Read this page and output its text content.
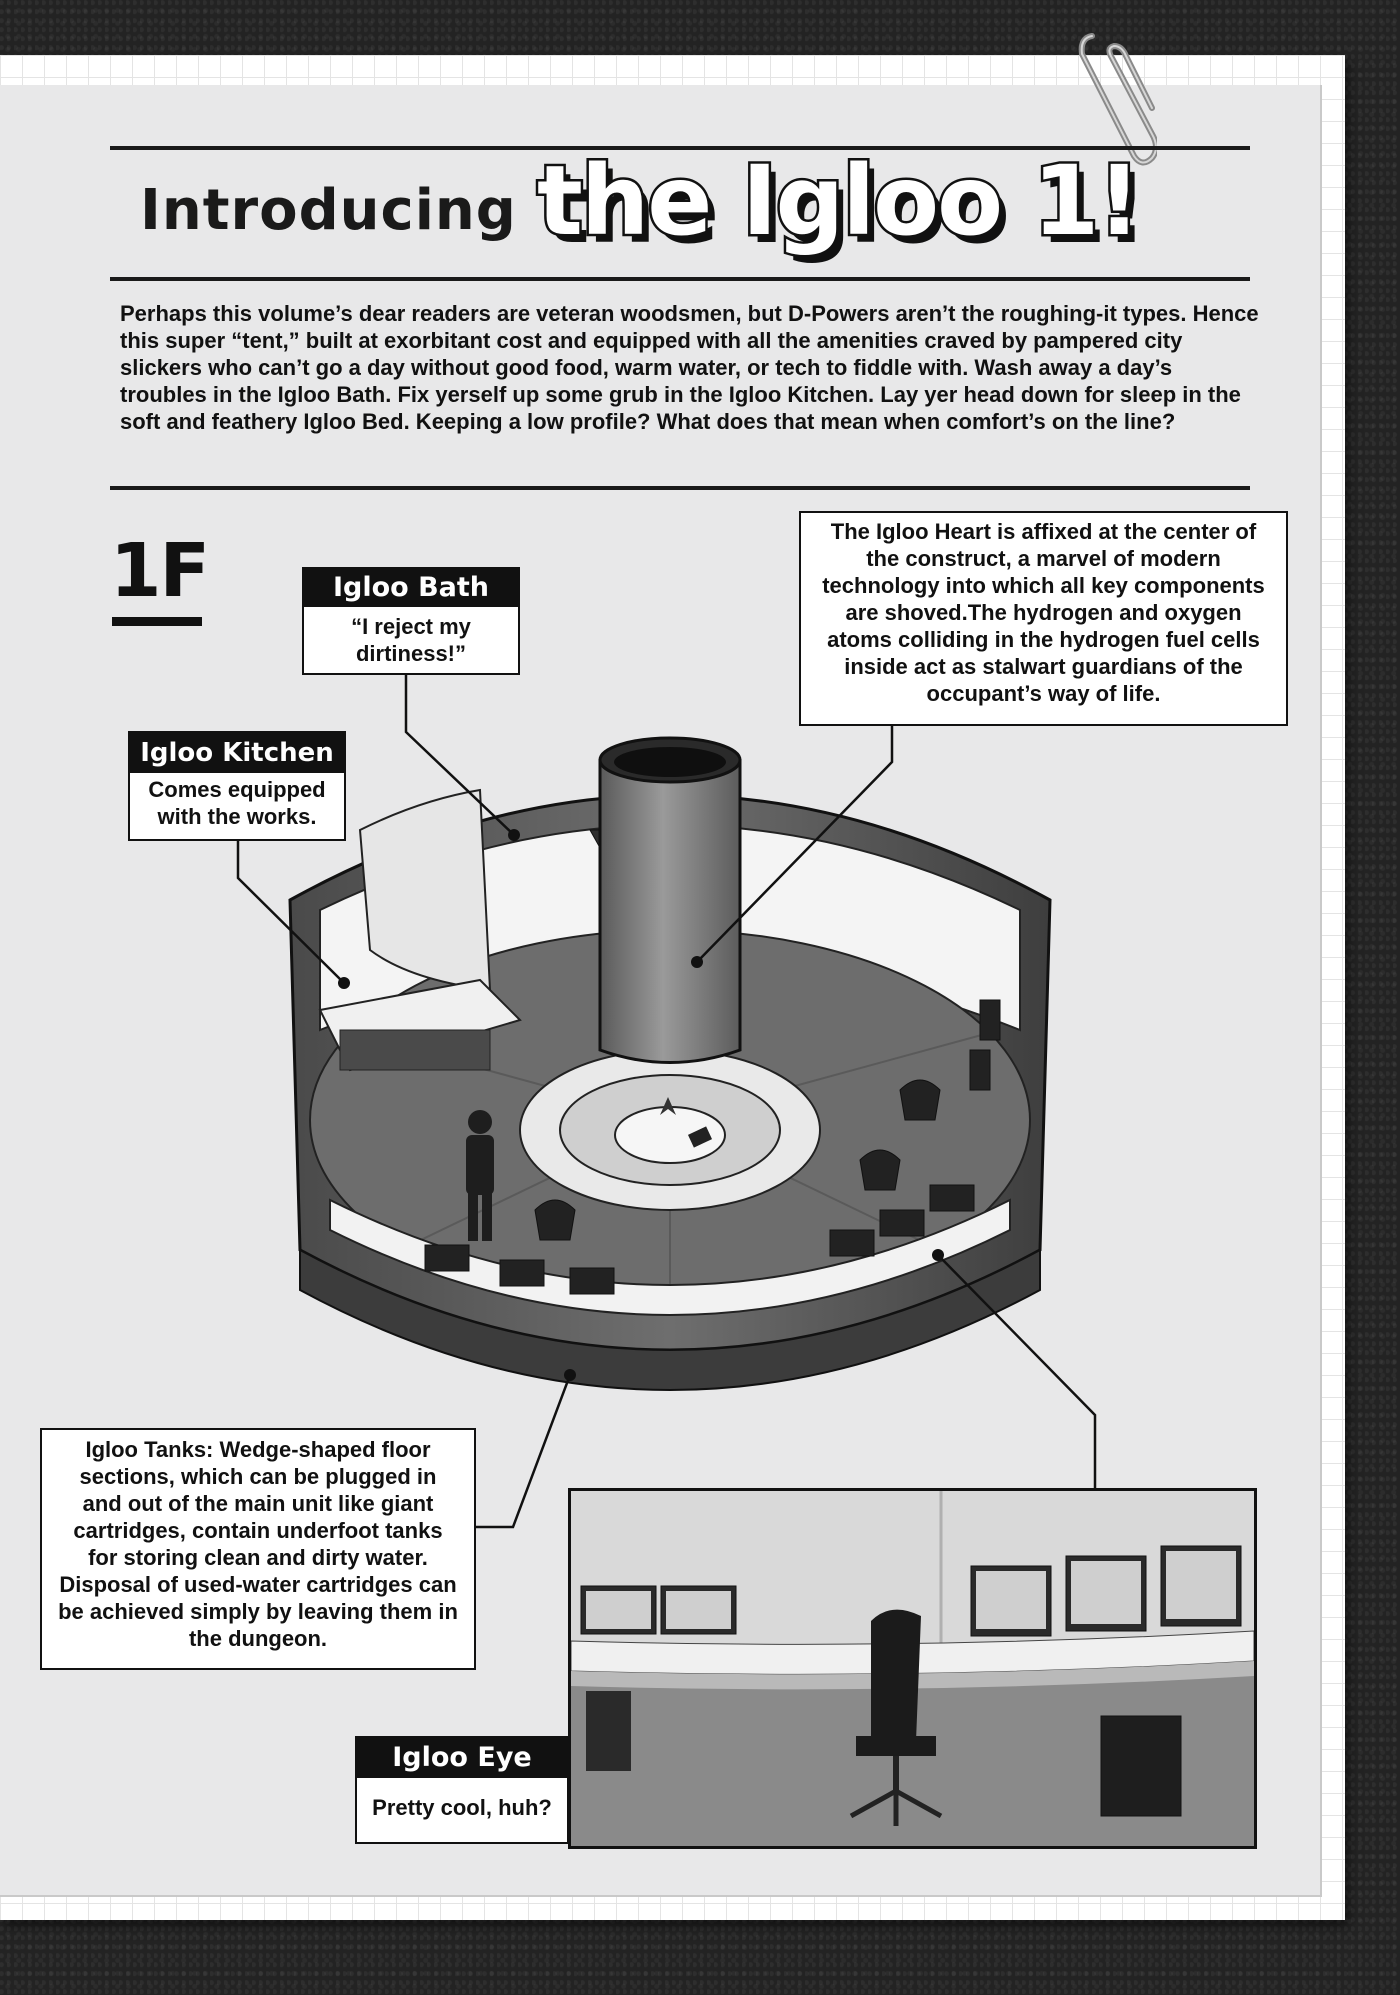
Introducing the Igloo 1!
Perhaps this volume’s dear readers are veteran woodsmen, but D-Powers aren’t the roughing-it types. Hence this super “tent,” built at exorbitant cost and equipped with all the amenities craved by pampered city slickers who can’t go a day without good food, warm water, or tech to fiddle with. Wash away a day’s troubles in the Igloo Bath. Fix yerself up some grub in the Igloo Kitchen. Lay yer head down for sleep in the soft and feathery Igloo Bed. Keeping a low profile? What does that mean when comfort’s on the line?
1F	Igloo Bath
“I reject my dirtiness!”
Igloo Kitchen
Comes equipped with the works.
The Igloo Heart is affixed at the center of the construct, a marvel of modern technology into which all key components are shoved.The hydrogen and oxygen atoms colliding in the hydrogen fuel cells inside act as stalwart guardians of the occupant’s way of life.
Igloo Tanks: Wedge-shaped floor sections, which can be plugged in and out of the main unit like giant cartridges, contain underfoot tanks for storing clean and dirty water. Disposal of used-water cartridges can be achieved simply by leaving them in the dungeon.
Igloo Eye
Pretty cool, huh?
